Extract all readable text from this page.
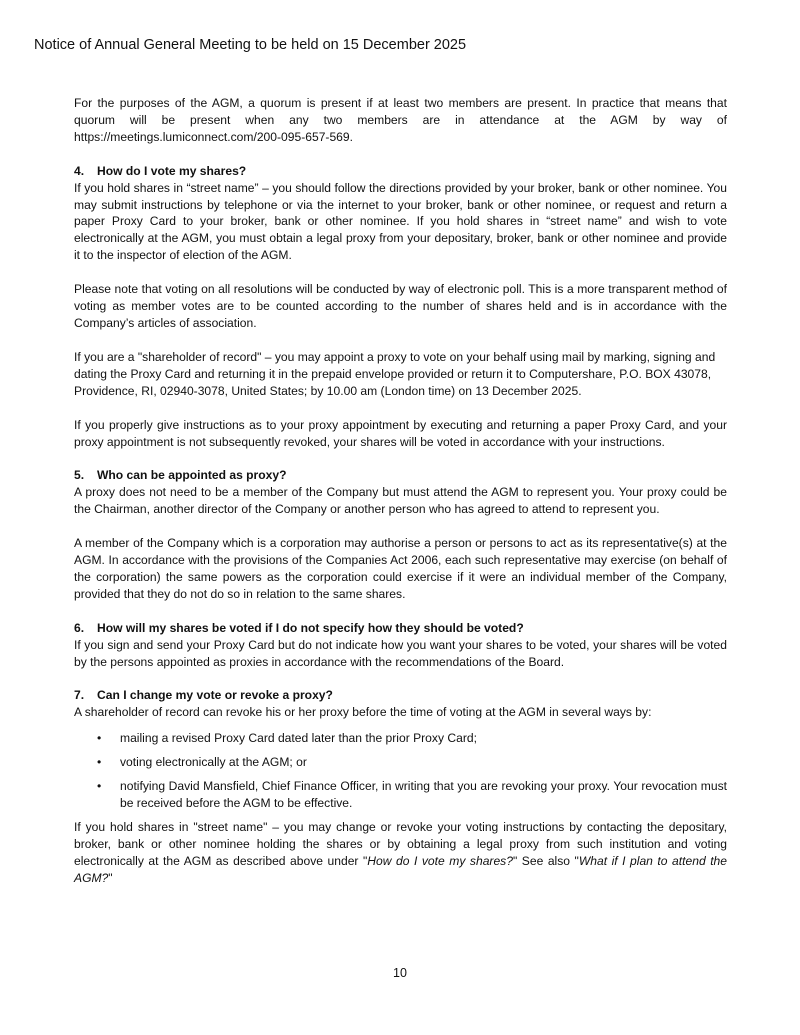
Notice of Annual General Meeting to be held on 15 December 2025

For the purposes of the AGM, a quorum is present if at least two members are present. In practice that means that quorum will be present when any two members are in attendance at the AGM by way of https://meetings.lumiconnect.com/200-095-657-569.

4. How do I vote my shares?

If you hold shares in “street name” – you should follow the directions provided by your broker, bank or other nominee. You may submit instructions by telephone or via the internet to your broker, bank or other nominee, or request and return a paper Proxy Card to your broker, bank or other nominee. If you hold shares in “street name” and wish to vote electronically at the AGM, you must obtain a legal proxy from your depositary, broker, bank or other nominee and provide it to the inspector of election of the AGM.

Please note that voting on all resolutions will be conducted by way of electronic poll. This is a more transparent method of voting as member votes are to be counted according to the number of shares held and is in accordance with the Company’s articles of association.

If you are a "shareholder of record" – you may appoint a proxy to vote on your behalf using mail by marking, signing and dating the Proxy Card and returning it in the prepaid envelope provided or return it to Computershare, P.O. BOX 43078, Providence, RI, 02940-3078, United States; by 10.00 am (London time) on 13 December 2025.

If you properly give instructions as to your proxy appointment by executing and returning a paper Proxy Card, and your proxy appointment is not subsequently revoked, your shares will be voted in accordance with your instructions.

5. Who can be appointed as proxy?

A proxy does not need to be a member of the Company but must attend the AGM to represent you. Your proxy could be the Chairman, another director of the Company or another person who has agreed to attend to represent you.

A member of the Company which is a corporation may authorise a person or persons to act as its representative(s) at the AGM. In accordance with the provisions of the Companies Act 2006, each such representative may exercise (on behalf of the corporation) the same powers as the corporation could exercise if it were an individual member of the Company, provided that they do not do so in relation to the same shares.

6. How will my shares be voted if I do not specify how they should be voted?

If you sign and send your Proxy Card but do not indicate how you want your shares to be voted, your shares will be voted by the persons appointed as proxies in accordance with the recommendations of the Board.

7. Can I change my vote or revoke a proxy?

A shareholder of record can revoke his or her proxy before the time of voting at the AGM in several ways by:

• mailing a revised Proxy Card dated later than the prior Proxy Card;
• voting electronically at the AGM; or
• notifying David Mansfield, Chief Finance Officer, in writing that you are revoking your proxy. Your revocation must be received before the AGM to be effective.

If you hold shares in "street name" – you may change or revoke your voting instructions by contacting the depositary, broker, bank or other nominee holding the shares or by obtaining a legal proxy from such institution and voting electronically at the AGM as described above under "How do I vote my shares?" See also "What if I plan to attend the AGM?"

10
